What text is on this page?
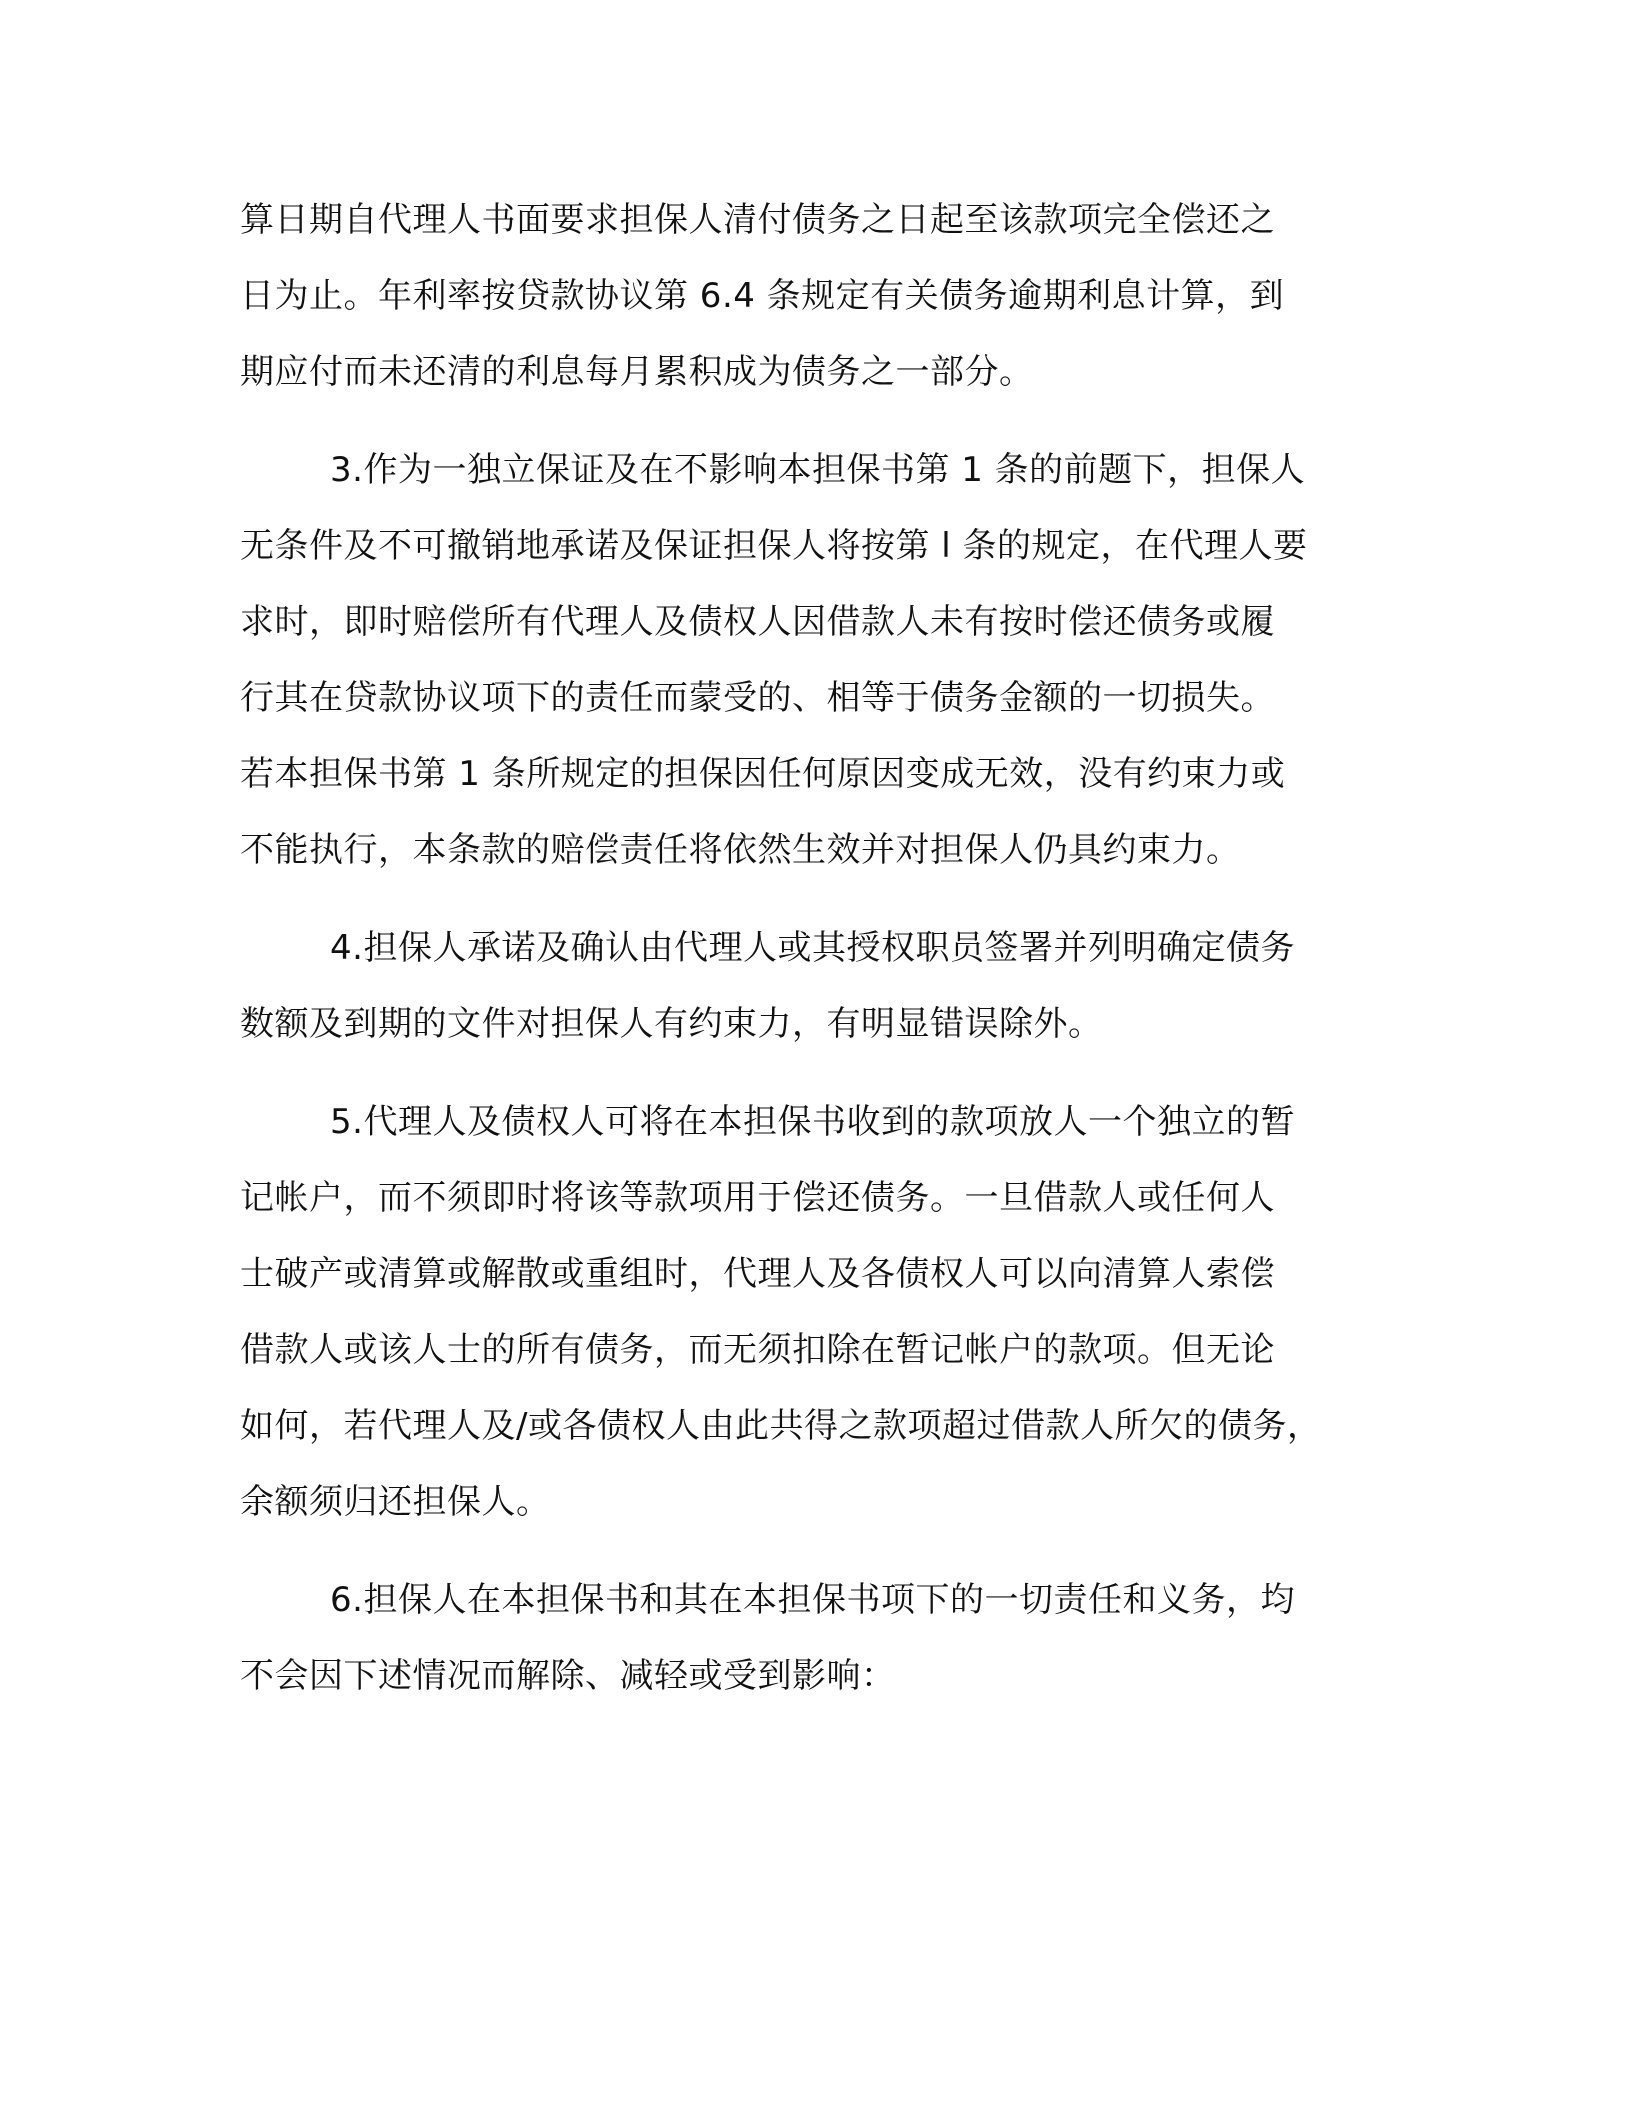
算日期自代理人书面要求担保人清付债务之日起至该款项完全偿还之
日为止。年利率按贷款协议第 6.4 条规定有关债务逾期利息计算，到
期应付而未还清的利息每月累积成为债务之一部分。
3.作为一独立保证及在不影响本担保书第 1 条的前题下，担保人
无条件及不可撤销地承诺及保证担保人将按第 l 条的规定，在代理人要
求时，即时赔偿所有代理人及债权人因借款人未有按时偿还债务或履
行其在贷款协议项下的责任而蒙受的、相等于债务金额的一切损失。
若本担保书第 1 条所规定的担保因任何原因变成无效，没有约束力或
不能执行，本条款的赔偿责任将依然生效并对担保人仍具约束力。
4.担保人承诺及确认由代理人或其授权职员签署并列明确定债务
数额及到期的文件对担保人有约束力，有明显错误除外。
5.代理人及债权人可将在本担保书收到的款项放人一个独立的暂
记帐户，而不须即时将该等款项用于偿还债务。一旦借款人或任何人
士破产或清算或解散或重组时，代理人及各债权人可以向清算人索偿
借款人或该人士的所有债务，而无须扣除在暂记帐户的款项。但无论
如何，若代理人及/或各债权人由此共得之款项超过借款人所欠的债务，
余额须归还担保人。
6.担保人在本担保书和其在本担保书项下的一切责任和义务，均
不会因下述情况而解除、减轻或受到影响：
